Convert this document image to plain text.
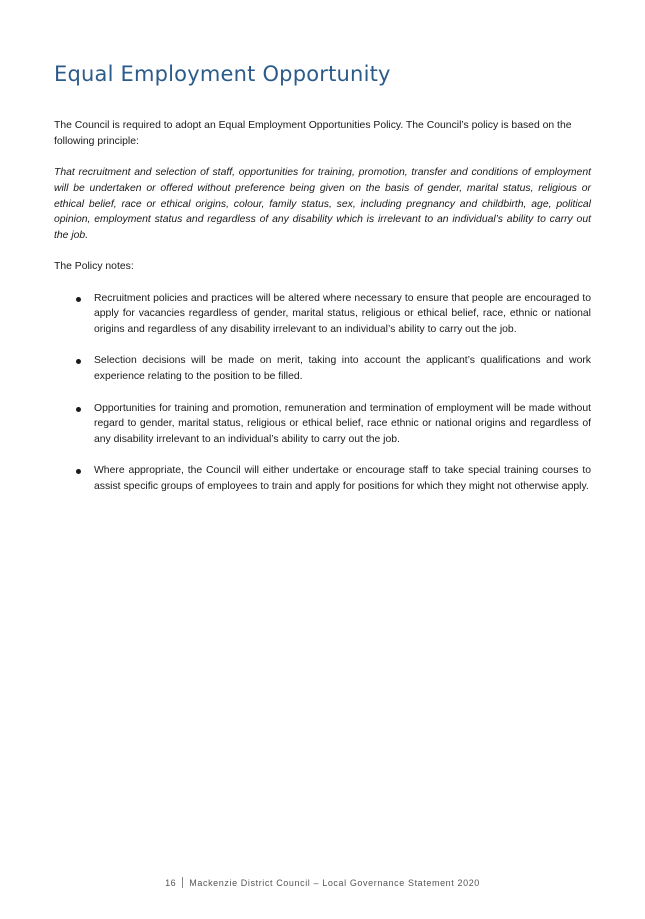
Equal Employment Opportunity

The Council is required to adopt an Equal Employment Opportunities Policy. The Council’s policy is based on the following principle:

That recruitment and selection of staff, opportunities for training, promotion, transfer and conditions of employment will be undertaken or offered without preference being given on the basis of gender, marital status, religious or ethical belief, race or ethical origins, colour, family status, sex, including pregnancy and childbirth, age, political opinion, employment status and regardless of any disability which is irrelevant to an individual’s ability to carry out the job.

The Policy notes:

Recruitment policies and practices will be altered where necessary to ensure that people are encouraged to apply for vacancies regardless of gender, marital status, religious or ethical belief, race, ethnic or national origins and regardless of any disability irrelevant to an individual’s ability to carry out the job.
Selection decisions will be made on merit, taking into account the applicant’s qualifications and work experience relating to the position to be filled.
Opportunities for training and promotion, remuneration and termination of employment will be made without regard to gender, marital status, religious or ethical belief, race ethnic or national origins and regardless of any disability irrelevant to an individual’s ability to carry out the job.
Where appropriate, the Council will either undertake or encourage staff to take special training courses to assist specific groups of employees to train and apply for positions for which they might not otherwise apply.
16 Mackenzie District Council – Local Governance Statement 2020
